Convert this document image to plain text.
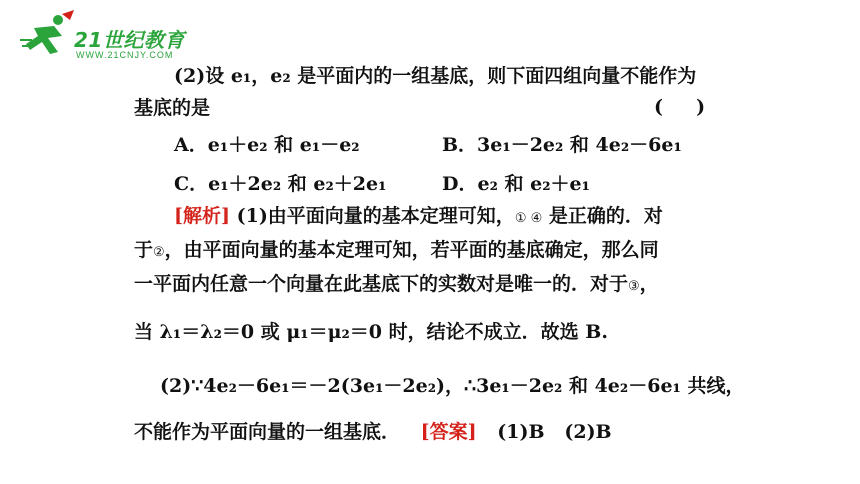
21世纪教育
WWW.21CNJY.COM
(2)设 e₁，e₂ 是平面内的一组基底，则下面四组向量不能作为
基底的是	(     )
A．e₁＋e₂ 和 e₁－e₂	B．3e₁－2e₂ 和 4e₂－6e₁
C．e₁＋2e₂ 和 e₂＋2e₁	D．e₂ 和 e₂＋e₁
[解析] (1)由平面向量的基本定理可知，① ④ 是正确的．对
于②，由平面向量的基本定理可知，若平面的基底确定，那么同
一平面内任意一个向量在此基底下的实数对是唯一的．对于③，
当 λ₁＝λ₂＝0 或 μ₁＝μ₂＝0 时，结论不成立．故选 B.
(2)∵4e₂－6e₁＝－2(3e₁－2e₂)，∴3e₁－2e₂ 和 4e₂－6e₁ 共线，
不能作为平面向量的一组基底． [答案] (1)B   (2)B
